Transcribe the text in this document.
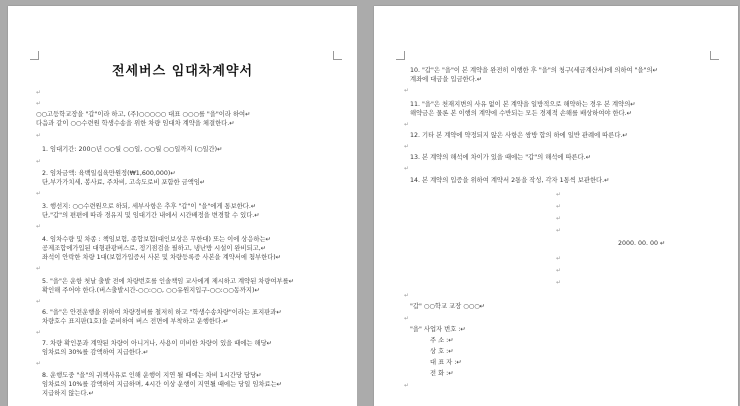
전세버스 임대차계약서
↵
↵
○○고등학교장을 "갑"이라 하고, (주)○○○○○ 대표 ○○○를 "을"이라 하여↵
다음과 같이 ○○수련원 학생수송을 위한 차량 임대차 계약을 체결한다.↵
↵
1. 임대기간: 200○년 ○○월 ○○일, ○○월 ○○일까지 (○일간)↵
↵
2. 임차금액: 육백일십육만원정(₩1,600,000)↵
단,부가가치세, 봉사료, 주차비, 고속도로비 포함한 금액임↵
↵
3. 행선지: ○○수련원으로 하되, 세부사항은 추후 "갑"이 "을"에게 통보한다.↵
단,"갑"의 편편에 따라 경유지 및 임대기간 내에서 시간배정을 변경할 수 있다.↵
↵
4. 임차수량 및 차종 : 책임보험, 종합보험(대인보상은 무한대) 또는 이에 상응하는↵
공제조합에가입된 대형관광버스로, 정기점검을 필하고, 냉난방 시설이 완비되고,↵
좌석이 안락한 차량 1대(보험가입증서 사본 및 차량등록증 사본을 계약서에 첨부한다)↵
↵
5. "을"은 운항 첫날 출발 전에 차량번호를 인솔책임 교사에게 제시하고 계약된 차량여부를↵
확인해 주어야 한다.(버스출발시간-○○:○○, ○○유원지입구-○○:○○동까지)↵
↵
6. "을"은 안전운행을 위하여 차량정비를 철저히 하고 "학생수송차량"이라는 표지판과↵
차량호수 표지판(1호)을 준비하여 버스 전면에 부착하고 운행한다.↵
↵
7. 차량 확인문과 계약된 차량이 아니거나, 사용이 미비한 차량이 있을 때에는 해당↵
임차료의 30%를 감액하여 지급한다.↵
↵
8. 운행도중 "을"의 귀책사유로 인해 운행이 지연 될 때에는 차비 1시간당 담당↵
임차료의 10%를 감액하여 지급하며, 4시간 이상 운행이 지연될 때에는 당일 임차료는↵
지급하지 않는다.↵
10. "갑"은 "을"이 본 계약을 완전히 이행한 후 "을"의 청구(세금계산서)에 의하여 "을"의↵
계좌에 대금을 입금한다.↵
↵
11. "을"은 천재지변의 사유 없이 본 계약을 일방적으로 해약하는 경우 본 계약의↵
해약금은 물론 본 이행의 계약에 수반되는 모든 경제적 손해를 배상하여야 한다.↵
↵
12. 기타 본 계약에 약정되지 않은 사항은 쌍방 합의 하에 일반 관례에 따른다.↵
↵
13. 본 계약의 해석에 차이가 있을 때에는 "갑"의 해석에 따른다.↵
↵
14. 본 계약의 입증을 위하여 계약서 2통을 작성, 각자 1통씩 보관한다.↵
↵
↵
↵
↵
2000. 00. 00 ↵
↵
↵
↵
↵
"갑" ○○학교 교장 ○○○↵
↵
"을" 사업자 번호 :↵
주 소 :↵
상 호 :↵
대 표 자 :↵
전 화 :↵
↵
